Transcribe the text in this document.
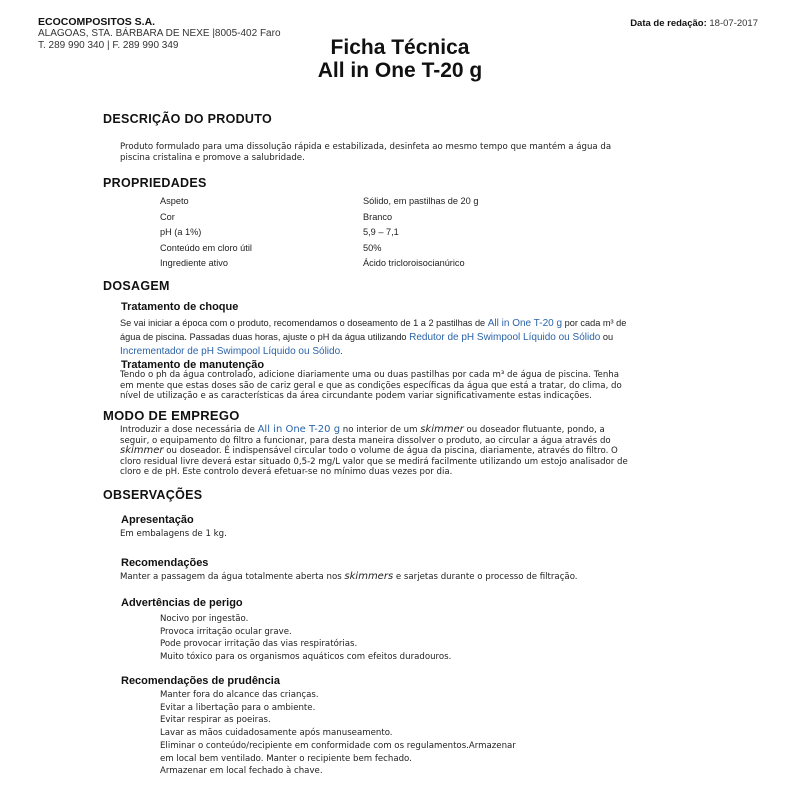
ECOCOMPOSITOS S.A.
ALAGOAS, STA. BÁRBARA DE NEXE |8005-402 Faro
T. 289 990 340 | F. 289 990 349
Data de redação: 18-07-2017
Ficha Técnica
All in One T-20 g
DESCRIÇÃO DO PRODUTO
Produto formulado para uma dissolução rápida e estabilizada, desinfeta ao mesmo tempo que mantém a água da piscina cristalina e promove a salubridade.
PROPRIEDADES
Aspeto	Sólido, em pastilhas de 20 g
Cor	Branco
pH (a 1%)	5,9 – 7,1
Conteúdo em cloro útil	50%
Ingrediente ativo	Ácido tricloroisocianúrico
DOSAGEM
Tratamento de choque
Se vai iniciar a época com o produto, recomendamos o doseamento de 1 a 2 pastilhas de All in One T-20 g por cada m³ de água de piscina. Passadas duas horas, ajuste o pH da água utilizando Redutor de pH Swimpool Líquido ou Sólido ou Incrementador de pH Swimpool Líquido ou Sólido.
Tratamento de manutenção
Tendo o ph da água controlado, adicione diariamente uma ou duas pastilhas por cada m³ de água de piscina. Tenha em mente que estas doses são de cariz geral e que as condições específicas da água que está a tratar, do clima, do nível de utilização e as características da área circundante podem variar significativamente estas indicações.
MODO DE EMPREGO
Introduzir a dose necessária de All in One T-20 g no interior de um skimmer ou doseador flutuante, pondo, a seguir, o equipamento do filtro a funcionar, para desta maneira dissolver o produto, ao circular a água através do skimmer ou doseador. É indispensável circular todo o volume de água da piscina, diariamente, através do filtro. O cloro residual livre deverá estar situado 0,5-2 mg/L valor que se medirá facilmente utilizando um estojo analisador de cloro e de pH. Este controlo deverá efetuar-se no mínimo duas vezes por dia.
OBSERVAÇÕES
Apresentação
Em embalagens de 1 kg.
Recomendações
Manter a passagem da água totalmente aberta nos skimmers e sarjetas durante o processo de filtração.
Advertências de perigo
Nocivo por ingestão.
Provoca irritação ocular grave.
Pode provocar irritação das vias respiratórias.
Muito tóxico para os organismos aquáticos com efeitos duradouros.
Recomendações de prudência
Manter fora do alcance das crianças.
Evitar a libertação para o ambiente.
Evitar respirar as poeiras.
Lavar as mãos cuidadosamente após manuseamento.
Eliminar o conteúdo/recipiente em conformidade com os regulamentos.Armazenar
em local bem ventilado. Manter o recipiente bem fechado.
Armazenar em local fechado à chave.
